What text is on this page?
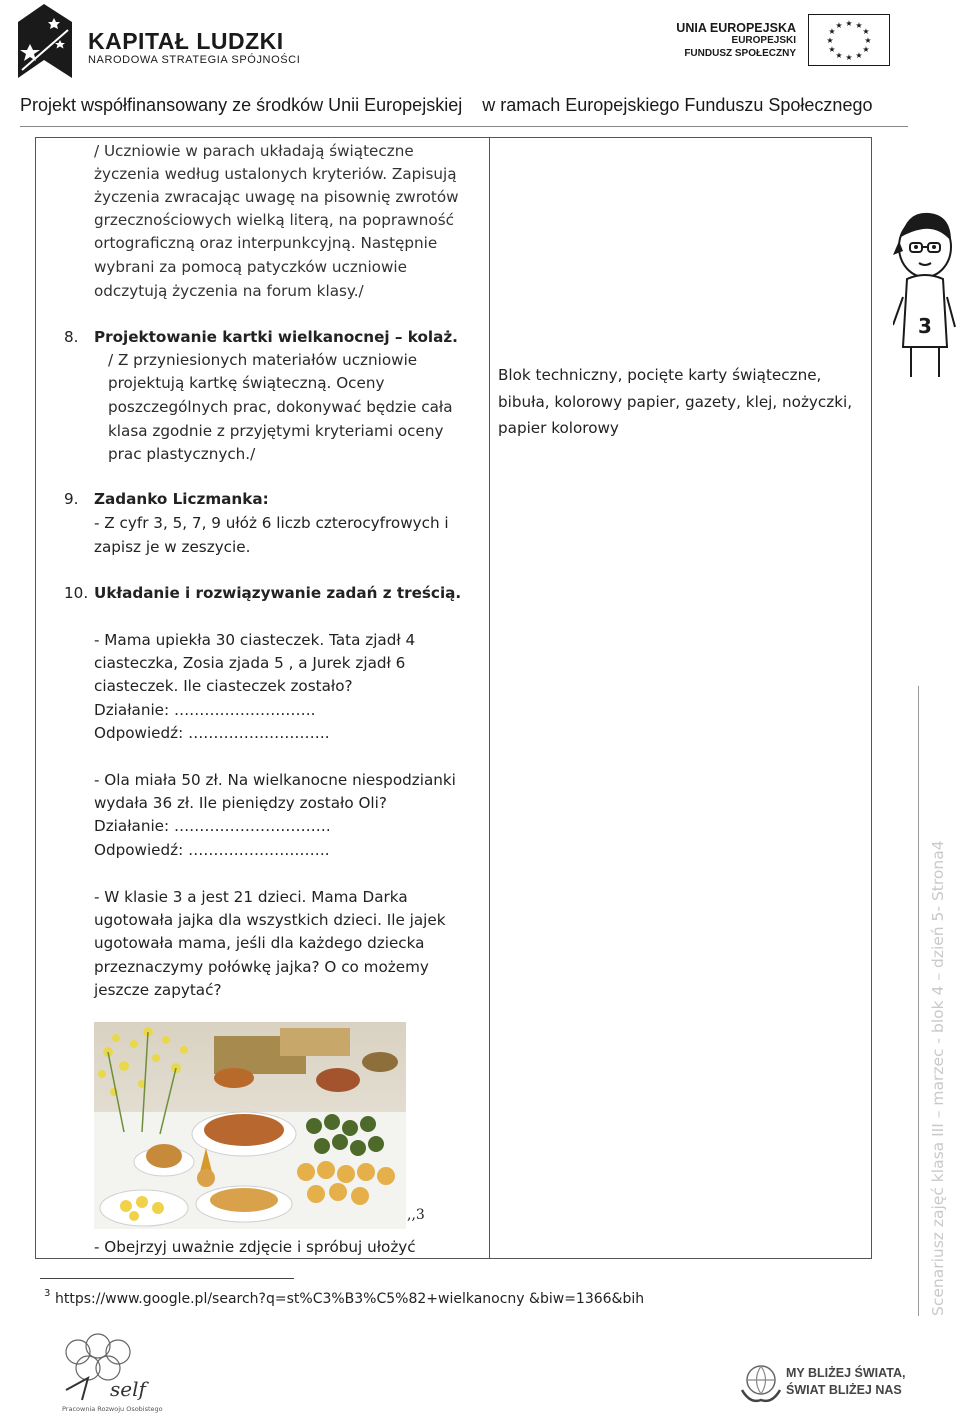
KAPITAŁ LUDZKI
NARODOWA STRATEGIA SPÓJNOŚCI
UNIA EUROPEJSKA
EUROPEJSKI
FUNDUSZ SPOŁECZNY
★ ★
★
★
★
★
★
★
★
★
★
★
Projekt współfinansowany ze środków Unii Europejskiej w ramach Europejskiego Funduszu Społecznego
/ Uczniowie w parach układają świąteczne
życzenia według ustalonych kryteriów. Zapisują
życzenia zwracając uwagę na pisownię zwrotów
grzecznościowych wielką literą, na poprawność
ortograficzną oraz interpunkcyjną. Następnie
wybrani za pomocą patyczków uczniowie
odczytują życzenia na forum klasy./
8. Projektowanie kartki wielkanocnej – kolaż.
/ Z przyniesionych materiałów uczniowie
projektują kartkę świąteczną. Oceny
poszczególnych prac, dokonywać będzie cała
klasa zgodnie z przyjętymi kryteriami oceny
prac plastycznych./
9. Zadanko Liczmanka:
- Z cyfr 3, 5, 7, 9 ułóż 6 liczb czterocyfrowych i
zapisz je w zeszycie.
10. Układanie i rozwiązywanie zadań z treścią.
- Mama upiekła 30 ciasteczek. Tata zjadł 4
ciasteczka, Zosia zjada 5 , a Jurek zjadł 6
ciasteczek. Ile ciasteczek zostało?
Działanie: ……………………….
Odpowiedź: ……………………….
- Ola miała 50 zł. Na wielkanocne niespodzianki
wydała 36 zł. Ile pieniędzy zostało Oli?
Działanie: ………………………….
Odpowiedź: ……………………….
- W klasie 3 a jest 21 dzieci. Mama Darka
ugotowała jajka dla wszystkich dzieci. Ile jajek
ugotowała mama, jeśli dla każdego dziecka
przeznaczymy połówkę jajka? O co możemy
jeszcze zapytać?
,,3
- Obejrzyj uważnie zdjęcie i spróbuj ułożyć
Blok techniczny, pocięte karty świąteczne,
bibuła, kolorowy papier, gazety, klej, nożyczki,
papier kolorowy
3 https://www.google.pl/search?q=st%C3%B3%C5%82+wielkanocny &biw=1366&bih
3
Scenariusz zajęć klasa III – marzec - blok 4 – dzień 5- Strona4
self
Pracownia Rozwoju Osobistego
MY BLIŻEJ ŚWIATA,
ŚWIAT BLIŻEJ NAS
